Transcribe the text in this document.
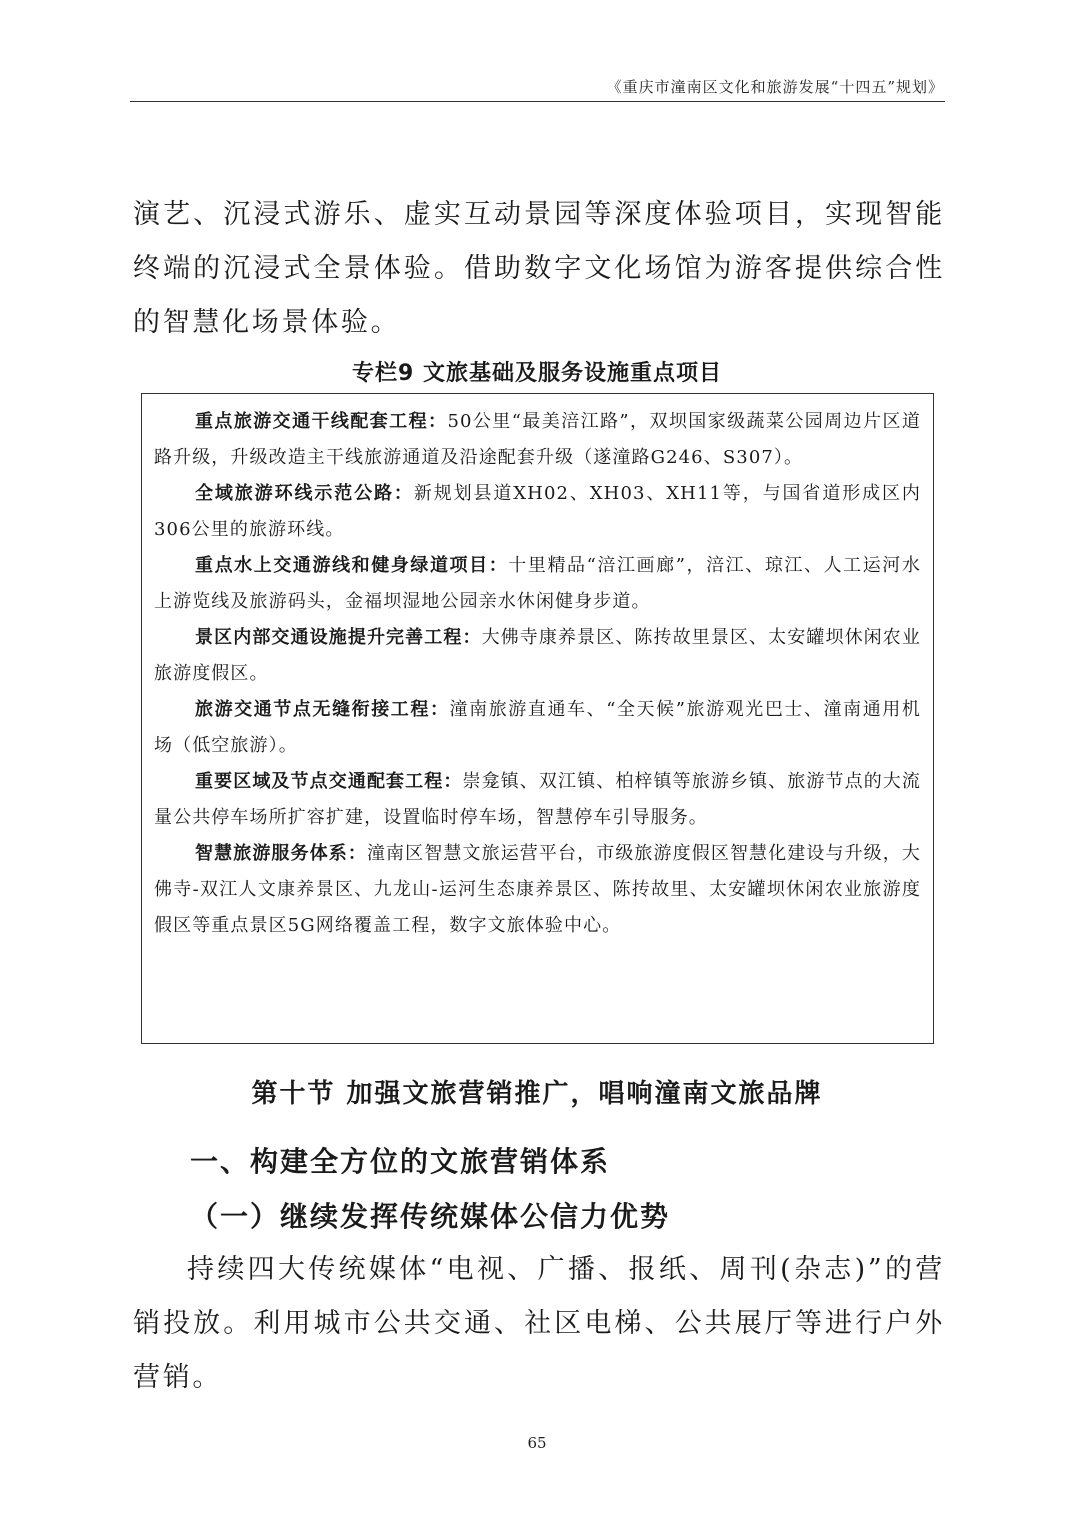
《重庆市潼南区文化和旅游发展“十四五”规划》

演艺、沉浸式游乐、虚实互动景园等深度体验项目，实现智能终端的沉浸式全景体验。借助数字文化场馆为游客提供综合性的智慧化场景体验。

专栏9 文旅基础及服务设施重点项目

重点旅游交通干线配套工程：50公里“最美涪江路”，双坝国家级蔬菜公园周边片区道路升级，升级改造主干线旅游通道及沿途配套升级（遂潼路G246、S307）。

全域旅游环线示范公路：新规划县道XH02、XH03、XH11等，与国省道形成区内306公里的旅游环线。

重点水上交通游线和健身绿道项目：十里精品“涪江画廊”，涪江、琼江、人工运河水上游览线及旅游码头，金福坝湿地公园亲水休闲健身步道。

景区内部交通设施提升完善工程：大佛寺康养景区、陈抟故里景区、太安罐坝休闲农业旅游度假区。

旅游交通节点无缝衔接工程：潼南旅游直通车、“全天候”旅游观光巴士、潼南通用机场（低空旅游）。

重要区域及节点交通配套工程：崇龛镇、双江镇、柏梓镇等旅游乡镇、旅游节点的大流量公共停车场所扩容扩建，设置临时停车场，智慧停车引导服务。

智慧旅游服务体系：潼南区智慧文旅运营平台，市级旅游度假区智慧化建设与升级，大佛寺-双江人文康养景区、九龙山-运河生态康养景区、陈抟故里、太安罐坝休闲农业旅游度假区等重点景区5G网络覆盖工程，数字文旅体验中心。

第十节 加强文旅营销推广，唱响潼南文旅品牌
一、构建全方位的文旅营销体系
（一）继续发挥传统媒体公信力优势

持续四大传统媒体“电视、广播、报纸、周刊(杂志)”的营销投放。利用城市公共交通、社区电梯、公共展厅等进行户外营销。

65
